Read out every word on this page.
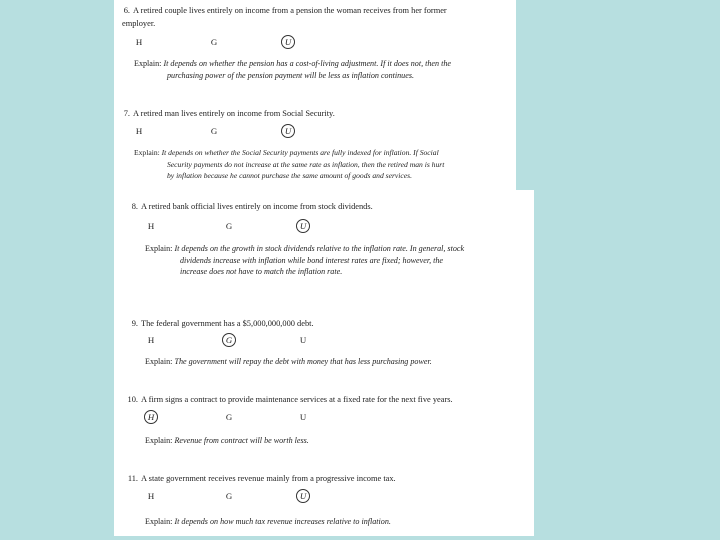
6. A retired couple lives entirely on income from a pension the woman receives from her former
employer.
H	G	U
Explain: It depends on whether the pension has a cost-of-living adjustment. If it does not, then the
purchasing power of the pension payment will be less as inflation continues.
7. A retired man lives entirely on income from Social Security.
H	G	U
Explain: It depends on whether the Social Security payments are fully indexed for inflation. If Social
Security payments do not increase at the same rate as inflation, then the retired man is hurt
by inflation because he cannot purchase the same amount of goods and services.
8. A retired bank official lives entirely on income from stock dividends.
H	G	U
Explain: It depends on the growth in stock dividends relative to the inflation rate. In general, stock
dividends increase with inflation while bond interest rates are fixed; however, the
increase does not have to match the inflation rate.
9. The federal government has a $5,000,000,000 debt.
H	G	U
Explain: The government will repay the debt with money that has less purchasing power.
10. A firm signs a contract to provide maintenance services at a fixed rate for the next five years.
H	G	U
Explain: Revenue from contract will be worth less.
11. A state government receives revenue mainly from a progressive income tax.
H	G	U
Explain: It depends on how much tax revenue increases relative to inflation.
